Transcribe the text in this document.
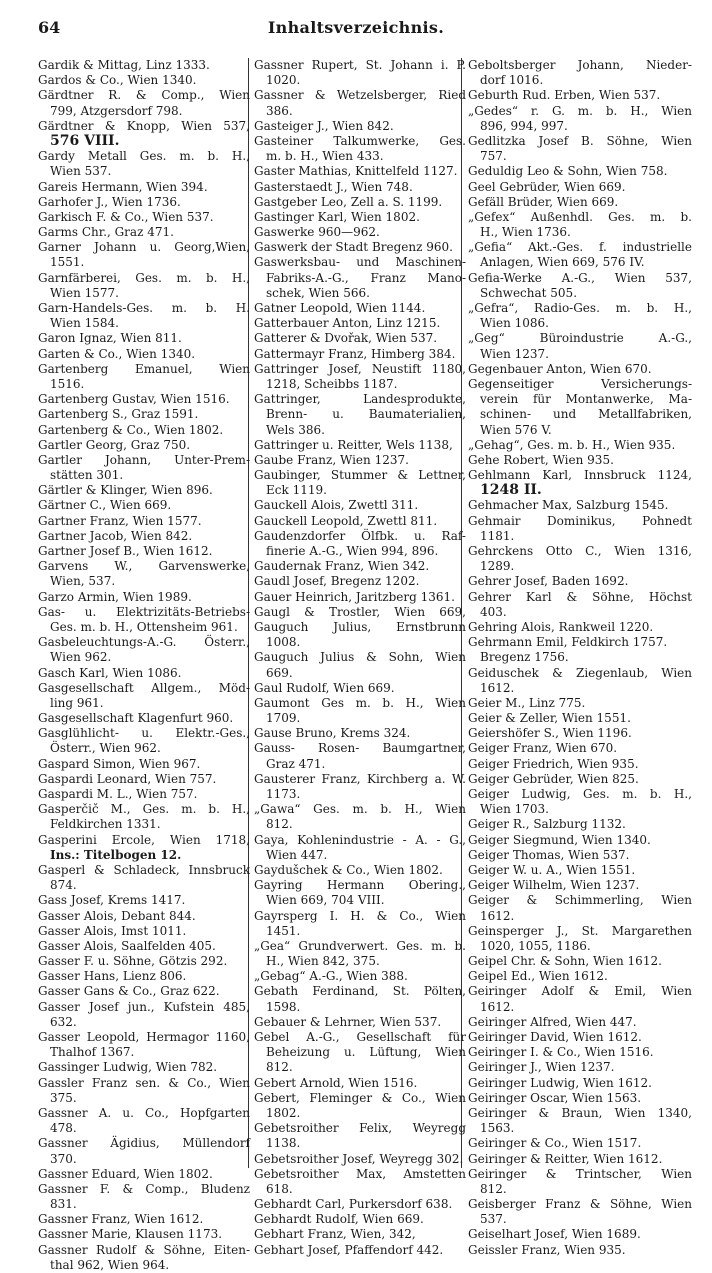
64	Inhaltsverzeichnis.
Gardik & Mittag, Linz 1333.
Gardos & Co., Wien 1340.
Gärdtner R. & Comp., Wien
799, Atzgersdorf 798.
Gärdtner & Knopp, Wien 537,
576 VIII.
Gardy Metall Ges. m. b. H.,
Wien 537.
Gareis Hermann, Wien 394.
Garhofer J., Wien 1736.
Garkisch F. & Co., Wien 537.
Garms Chr., Graz 471.
Garner Johann u. Georg,Wien,
1551.
Garnfärberei, Ges. m. b. H.,
Wien 1577.
Garn-Handels-Ges. m. b. H.
Wien 1584.
Garon Ignaz, Wien 811.
Garten & Co., Wien 1340.
Gartenberg Emanuel, Wien
1516.
Gartenberg Gustav, Wien 1516.
Gartenberg S., Graz 1591.
Gartenberg & Co., Wien 1802.
Gartler Georg, Graz 750.
Gartler Johann, Unter-Prem-
stätten 301.
Gärtler & Klinger, Wien 896.
Gärtner C., Wien 669.
Gartner Franz, Wien 1577.
Gartner Jacob, Wien 842.
Gartner Josef B., Wien 1612.
Garvens W., Garvenswerke,
Wien, 537.
Garzo Armin, Wien 1989.
Gas- u. Elektrizitäts-Betriebs-
Ges. m. b. H., Ottensheim 961.
Gasbeleuchtungs-A.-G. Österr.,
Wien 962.
Gasch Karl, Wien 1086.
Gasgesellschaft Allgem., Möd-
ling 961.
Gasgesellschaft Klagenfurt 960.
Gasglühlicht- u. Elektr.-Ges.,
Österr., Wien 962.
Gaspard Simon, Wien 967.
Gaspardi Leonard, Wien 757.
Gaspardi M. L., Wien 757.
Gasperčič M., Ges. m. b. H.,
Feldkirchen 1331.
Gasperini Ercole, Wien 1718,
Ins.: Titelbogen 12.
Gasperl & Schladeck, Innsbruck
874.
Gass Josef, Krems 1417.
Gasser Alois, Debant 844.
Gasser Alois, Imst 1011.
Gasser Alois, Saalfelden 405.
Gasser F. u. Söhne, Götzis 292.
Gasser Hans, Lienz 806.
Gasser Gans & Co., Graz 622.
Gasser Josef jun., Kufstein 485,
632.
Gasser Leopold, Hermagor 1160,
Thalhof 1367.
Gassinger Ludwig, Wien 782.
Gassler Franz sen. & Co., Wien
375.
Gassner A. u. Co., Hopfgarten
478.
Gassner Ägidius, Müllendorf
370.
Gassner Eduard, Wien 1802.
Gassner F. & Comp., Bludenz
831.
Gassner Franz, Wien 1612.
Gassner Marie, Klausen 1173.
Gassner Rudolf & Söhne, Eiten-
thal 962, Wien 964.
Gassner Rupert, St. Johann i. P.
1020.
Gassner & Wetzelsberger, Ried
386.
Gasteiger J., Wien 842.
Gasteiner Talkumwerke, Ges.
m. b. H., Wien 433.
Gaster Mathias, Knittelfeld 1127.
Gasterstaedt J., Wien 748.
Gastgeber Leo, Zell a. S. 1199.
Gastinger Karl, Wien 1802.
Gaswerke 960—962.
Gaswerk der Stadt Bregenz 960.
Gaswerksbau- und Maschinen-
Fabriks-A.-G., Franz Mano-
schek, Wien 566.
Gatner Leopold, Wien 1144.
Gatterbauer Anton, Linz 1215.
Gatterer & Dvořak, Wien 537.
Gattermayr Franz, Himberg 384.
Gattringer Josef, Neustift 1180,
1218, Scheibbs 1187.
Gattringer, Landesprodukte,
Brenn- u. Baumaterialien,
Wels 386.
Gattringer u. Reitter, Wels 1138,
Gaube Franz, Wien 1237.
Gaubinger, Stummer & Lettner,
Eck 1119.
Gauckell Alois, Zwettl 311.
Gauckell Leopold, Zwettl 811.
Gaudenzdorfer Ölfbk. u. Raf-
finerie A.-G., Wien 994, 896.
Gaudernak Franz, Wien 342.
Gaudl Josef, Bregenz 1202.
Gauer Heinrich, Jaritzberg 1361.
Gaugl & Trostler, Wien 669,
Gauguch Julius, Ernstbrunn
1008.
Gauguch Julius & Sohn, Wien
669.
Gaul Rudolf, Wien 669.
Gaumont Ges m. b. H., Wien
1709.
Gause Bruno, Krems 324.
Gauss- Rosen- Baumgartner,
Graz 471.
Gausterer Franz, Kirchberg a. W.
1173.
„Gawa“ Ges. m. b. H., Wien
812.
Gaya, Kohlenindustrie - A. - G.,
Wien 447.
Gaydušchek & Co., Wien 1802.
Gayring Hermann Obering.,
Wien 669, 704 VIII.
Gayrsperg I. H. & Co., Wien
1451.
„Gea“ Grundverwert. Ges. m. b.
H., Wien 842, 375.
„Gebag“ A.-G., Wien 388.
Gebath Ferdinand, St. Pölten,
1598.
Gebauer & Lehrner, Wien 537.
Gebel A.-G., Gesellschaft für
Beheizung u. Lüftung, Wien
812.
Gebert Arnold, Wien 1516.
Gebert, Fleminger & Co., Wien
1802.
Gebetsroither Felix, Weyregg
1138.
Gebetsroither Josef, Weyregg 302.
Gebetsroither Max, Amstetten
618.
Gebhardt Carl, Purkersdorf 638.
Gebhardt Rudolf, Wien 669.
Gebhart Franz, Wien, 342,
Gebhart Josef, Pfaffendorf 442.
Geboltsberger Johann, Nieder-
dorf 1016.
Geburth Rud. Erben, Wien 537.
„Gedes“ r. G. m. b. H., Wien
896, 994, 997.
Gedlitzka Josef B. Söhne, Wien
757.
Geduldig Leo & Sohn, Wien 758.
Geel Gebrüder, Wien 669.
Gefäll Brüder, Wien 669.
„Gefex“ Außenhdl. Ges. m. b.
H., Wien 1736.
„Gefia“ Akt.-Ges. f. industrielle
Anlagen, Wien 669, 576 IV.
Gefia-Werke A.-G., Wien 537,
Schwechat 505.
„Gefra“, Radio-Ges. m. b. H.,
Wien 1086.
„Geg“ Büroindustrie A.-G.,
Wien 1237.
Gegenbauer Anton, Wien 670.
Gegenseitiger Versicherungs-
verein für Montanwerke, Ma-
schinen- und Metallfabriken,
Wien 576 V.
„Gehag“, Ges. m. b. H., Wien 935.
Gehe Robert, Wien 935.
Gehlmann Karl, Innsbruck 1124,
1248 II.
Gehmacher Max, Salzburg 1545.
Gehmair Dominikus, Pohnedt
1181.
Gehrckens Otto C., Wien 1316,
1289.
Gehrer Josef, Baden 1692.
Gehrer Karl & Söhne, Höchst
403.
Gehring Alois, Rankweil 1220.
Gehrmann Emil, Feldkirch 1757.
Bregenz 1756.
Geiduschek & Ziegenlaub, Wien
1612.
Geier M., Linz 775.
Geier & Zeller, Wien 1551.
Geiershöfer S., Wien 1196.
Geiger Franz, Wien 670.
Geiger Friedrich, Wien 935.
Geiger Gebrüder, Wien 825.
Geiger Ludwig, Ges. m. b. H.,
Wien 1703.
Geiger R., Salzburg 1132.
Geiger Siegmund, Wien 1340.
Geiger Thomas, Wien 537.
Geiger W. u. A., Wien 1551.
Geiger Wilhelm, Wien 1237.
Geiger & Schimmerling, Wien
1612.
Geinsperger J., St. Margarethen
1020, 1055, 1186.
Geipel Chr. & Sohn, Wien 1612.
Geipel Ed., Wien 1612.
Geiringer Adolf & Emil, Wien
1612.
Geiringer Alfred, Wien 447.
Geiringer David, Wien 1612.
Geiringer I. & Co., Wien 1516.
Geiringer J., Wien 1237.
Geiringer Ludwig, Wien 1612.
Geiringer Oscar, Wien 1563.
Geiringer & Braun, Wien 1340,
1563.
Geiringer & Co., Wien 1517.
Geiringer & Reitter, Wien 1612.
Geiringer & Trintscher, Wien
812.
Geisberger Franz & Söhne, Wien
537.
Geiselhart Josef, Wien 1689.
Geissler Franz, Wien 935.
